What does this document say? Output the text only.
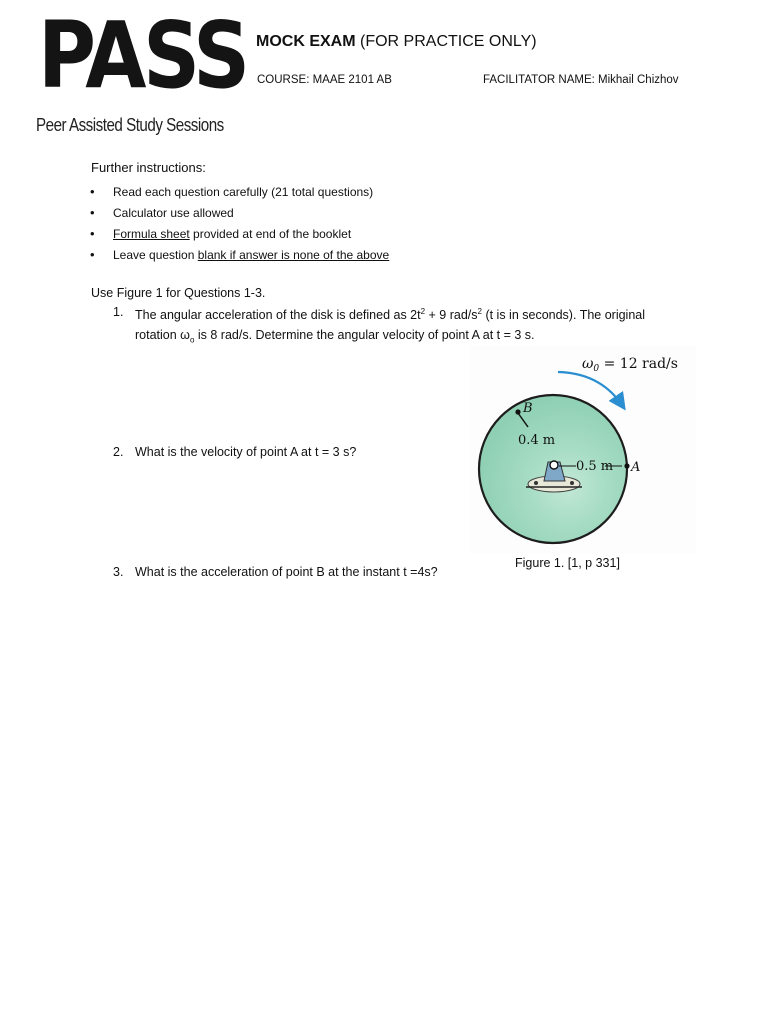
PASS
Peer Assisted Study Sessions
MOCK EXAM (FOR PRACTICE ONLY)
COURSE: MAAE 2101 AB	FACILITATOR NAME: Mikhail Chizhov
Further instructions:
•	Read each question carefully (21 total questions)
•	Calculator use allowed
•	Formula sheet provided at end of the booklet
•	Leave question blank if answer is none of the above
Use Figure 1 for Questions 1-3.
1. The angular acceleration of the disk is defined as $2t^2 + 9$ rad/$s^2$ (t is in seconds). The original
rotation $\omega_o$ is 8 rad/s. Determine the angular velocity of point A at t = 3 s.
2. What is the velocity of point A at t = 3 s?
3. What is the acceleration of point B at the instant t =4s?
$\omega_0 = 12$ rad/s
B
0.4 m
0.5 m A
Figure 1. [1, p 331]
